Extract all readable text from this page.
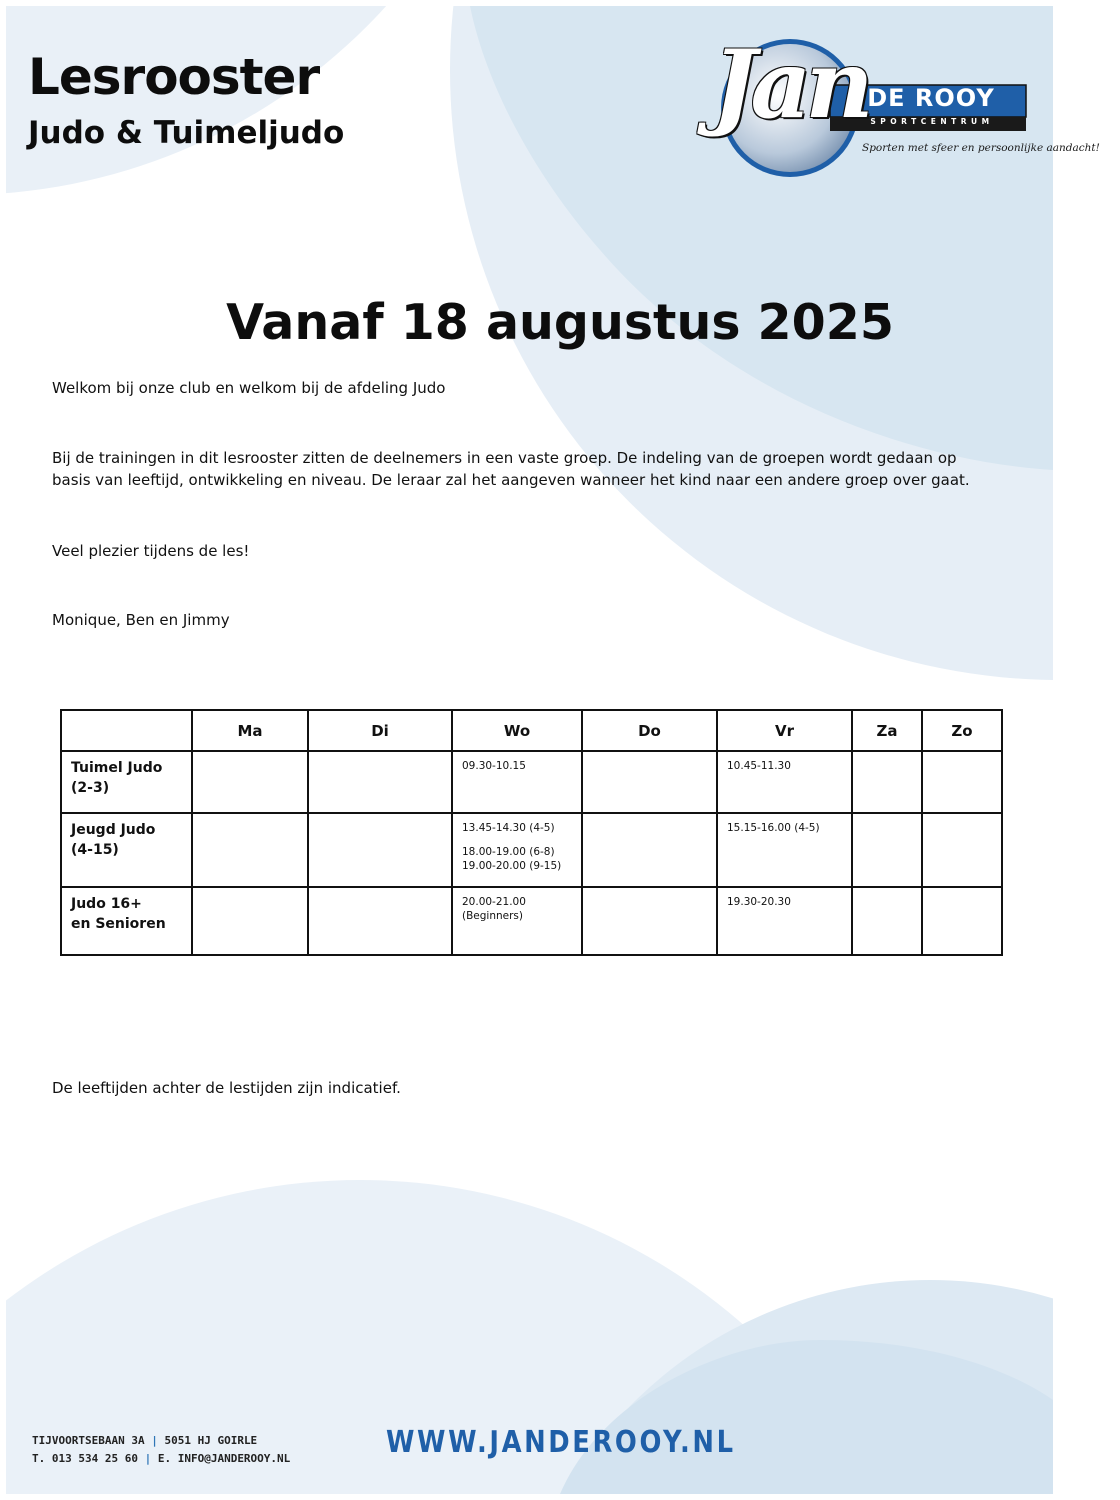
Lesrooster
Judo & Tuimeljudo	Jan DE ROOY
SPORTCENTRUM
Sporten met sfeer en persoonlijke aandacht!
Vanaf 18 augustus 2025

Welkom bij onze club en welkom bij de afdeling Judo

Bij de trainingen in dit lesrooster zitten de deelnemers in een vaste groep. De indeling van de groepen wordt gedaan op basis van leeftijd, ontwikkeling en niveau. De leraar zal het aangeven wanneer het kind naar een andere groep over gaat.

Veel plezier tijdens de les!

Monique, Ben en Jimmy

	Ma	Di	Wo	Do	Vr	Za	Zo

Tuimel Judo
(2-3)			09.30-10.15		10.45-11.30		

Jeugd Judo
(4-15)			13.45-14.30 (4-5)
18.00-19.00 (6-8)
19.00-20.00 (9-15)		15.15-16.00 (4-5)		

Judo 16+
en Senioren			20.00-21.00
(Beginners)		19.30-20.30		

De leeftijden achter de lestijden zijn indicatief.

TIJVOORTSEBAAN 3A | 5051 HJ GOIRLE
T. 013 534 25 60 | E. INFO@JANDEROOY.NL	WWW.JANDEROOY.NL
